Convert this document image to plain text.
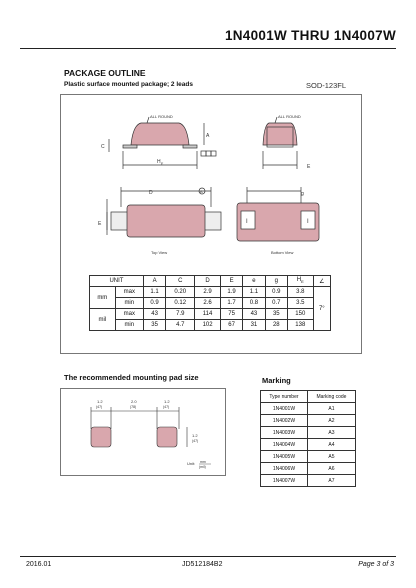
1N4001W THRU 1N4007W
PACKAGE OUTLINE
Plastic surface mounted package; 2 leads	SOD-123FL
ALL ROUND
A
C
H E
ALL ROUND
E
D	A
E
Top View
g
I	I
Bottom View
UNIT		A	C	D	E	e	g	$H_E$	∠
mm	max	1.1	0.20	2.9	1.9	1.1	0.9	3.8	7°
	min	0.9	0.12	2.6	1.7	0.8	0.7	3.5	
mil	max	43	7.9	114	75	43	35	150	
	min	35	4.7	102	67	31	28	138	
The recommended mounting pad size
1.2
(47)
2.0
(78)
1.2
(47)
1.2
(47)
Unit: mm
(mil)
Marking
Type number	Marking code
1N4001W	A1
1N4002W	A2
1N4003W	A3
1N4004W	A4
1N4005W	A5
1N4006W	A6
1N4007W	A7
2016.01	JD512184B2	Page 3 of 3
